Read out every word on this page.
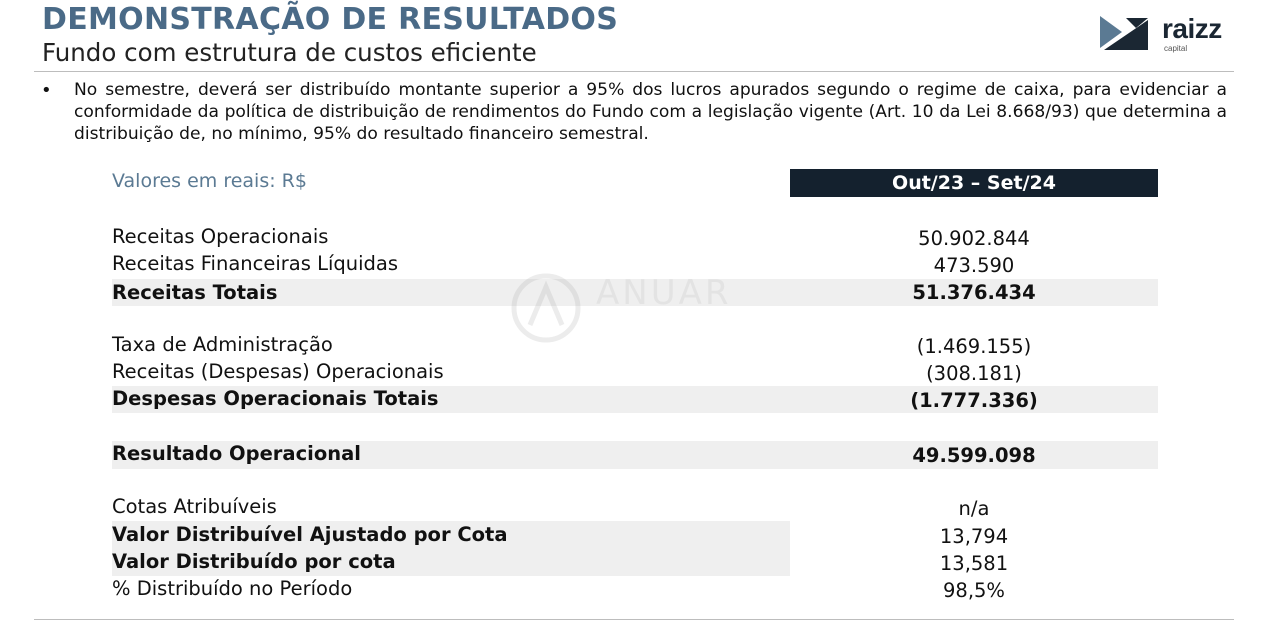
DEMONSTRAÇÃO DE RESULTADOS
Fundo com estrutura de custos eficiente
raizz
capital
• No semestre, deverá ser distribuído montante superior a 95% dos lucros apurados segundo o regime de caixa, para evidenciar a conformidade da política de distribuição de rendimentos do Fundo com a legislação vigente (Art. 10 da Lei 8.668/93) que determina a distribuição de, no mínimo, 95% do resultado financeiro semestral.
Valores em reais: R$	Out/23 – Set/24
ANUAR
Receitas Operacionais	50.902.844
Receitas Financeiras Líquidas	473.590
Receitas Totais	51.376.434
Taxa de Administração	(1.469.155)
Receitas (Despesas) Operacionais	(308.181)
Despesas Operacionais Totais	(1.777.336)
Resultado Operacional	49.599.098
Cotas Atribuíveis	n/a
Valor Distribuível Ajustado por Cota	13,794
Valor Distribuído por cota	13,581
% Distribuído no Período	98,5%
